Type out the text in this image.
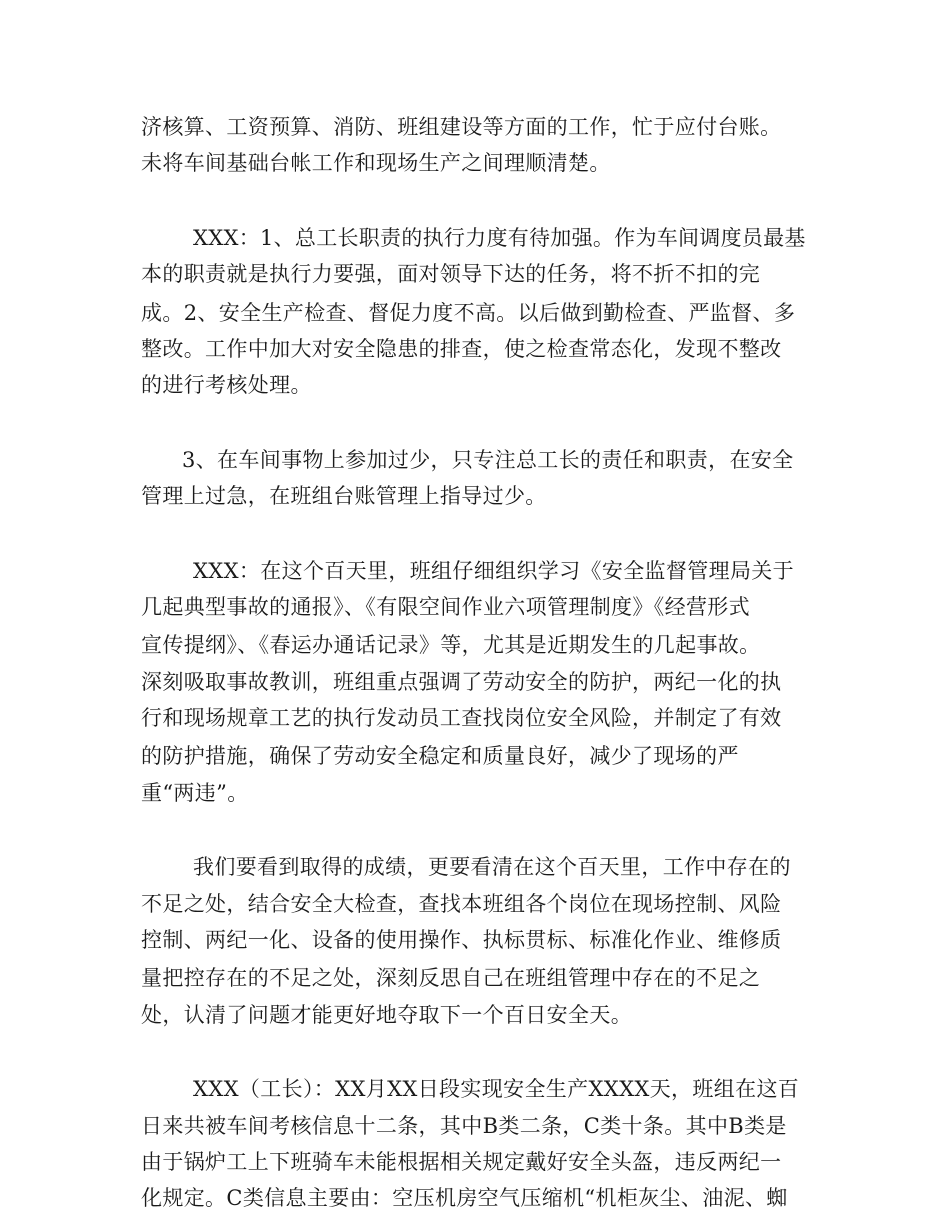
济核算、工资预算、消防、班组建设等方面的工作，忙于应付台账。
未将车间基础台帐工作和现场生产之间理顺清楚。
XXX：1、总工长职责的执行力度有待加强。作为车间调度员最基
本的职责就是执行力要强，面对领导下达的任务，将不折不扣的完
成。2、安全生产检查、督促力度不高。以后做到勤检查、严监督、多
整改。工作中加大对安全隐患的排查，使之检查常态化，发现不整改
的进行考核处理。
3、在车间事物上参加过少，只专注总工长的责任和职责，在安全
管理上过急，在班组台账管理上指导过少。
XXX：在这个百天里，班组仔细组织学习《安全监督管理局关于
几起典型事故的通报》、《有限空间作业六项管理制度》《经营形式
宣传提纲》、《春运办通话记录》等，尤其是近期发生的几起事故。
深刻吸取事故教训，班组重点强调了劳动安全的防护，两纪一化的执
行和现场规章工艺的执行发动员工查找岗位安全风险，并制定了有效
的防护措施，确保了劳动安全稳定和质量良好，减少了现场的严
重“两违”。
我们要看到取得的成绩，更要看清在这个百天里，工作中存在的
不足之处，结合安全大检查，查找本班组各个岗位在现场控制、风险
控制、两纪一化、设备的使用操作、执标贯标、标准化作业、维修质
量把控存在的不足之处，深刻反思自己在班组管理中存在的不足之
处，认清了问题才能更好地夺取下一个百日安全天。
XXX（工长）：XX月XX日段实现安全生产XXXX天，班组在这百
日来共被车间考核信息十二条，其中B类二条，C类十条。其中B类是
由于锅炉工上下班骑车未能根据相关规定戴好安全头盔，违反两纪一
化规定。C类信息主要由：空压机房空气压缩机“机柜灰尘、油泥、蜘
